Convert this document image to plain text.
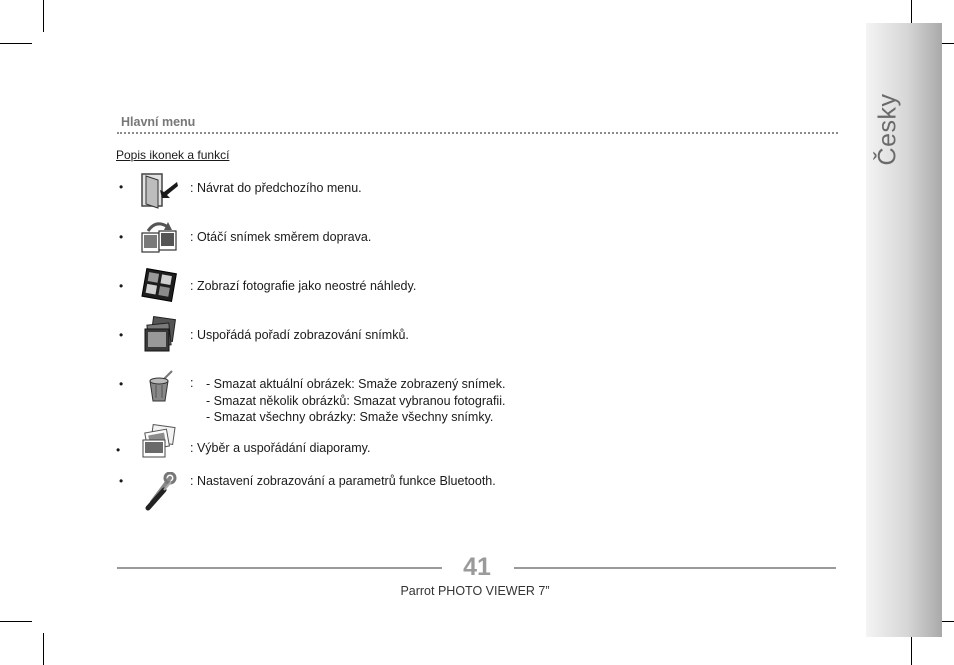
Česky
Hlavní menu
Popis ikonek a funkcí
•	: Návrat do předchozího menu.
•	: Otáčí snímek směrem doprava.
•	: Zobrazí fotografie jako neostré náhledy.
•	: Uspořádá pořadí zobrazování snímků.
•	: - Smazat aktuální obrázek: Smaže zobrazený snímek.
- Smazat několik obrázků: Smazat vybranou fotografii.
- Smazat všechny obrázky: Smaže všechny snímky.
•	: Výběr a uspořádání diaporamy.
•	: Nastavení zobrazování a parametrů funkce Bluetooth.
41
Parrot PHOTO VIEWER 7”
